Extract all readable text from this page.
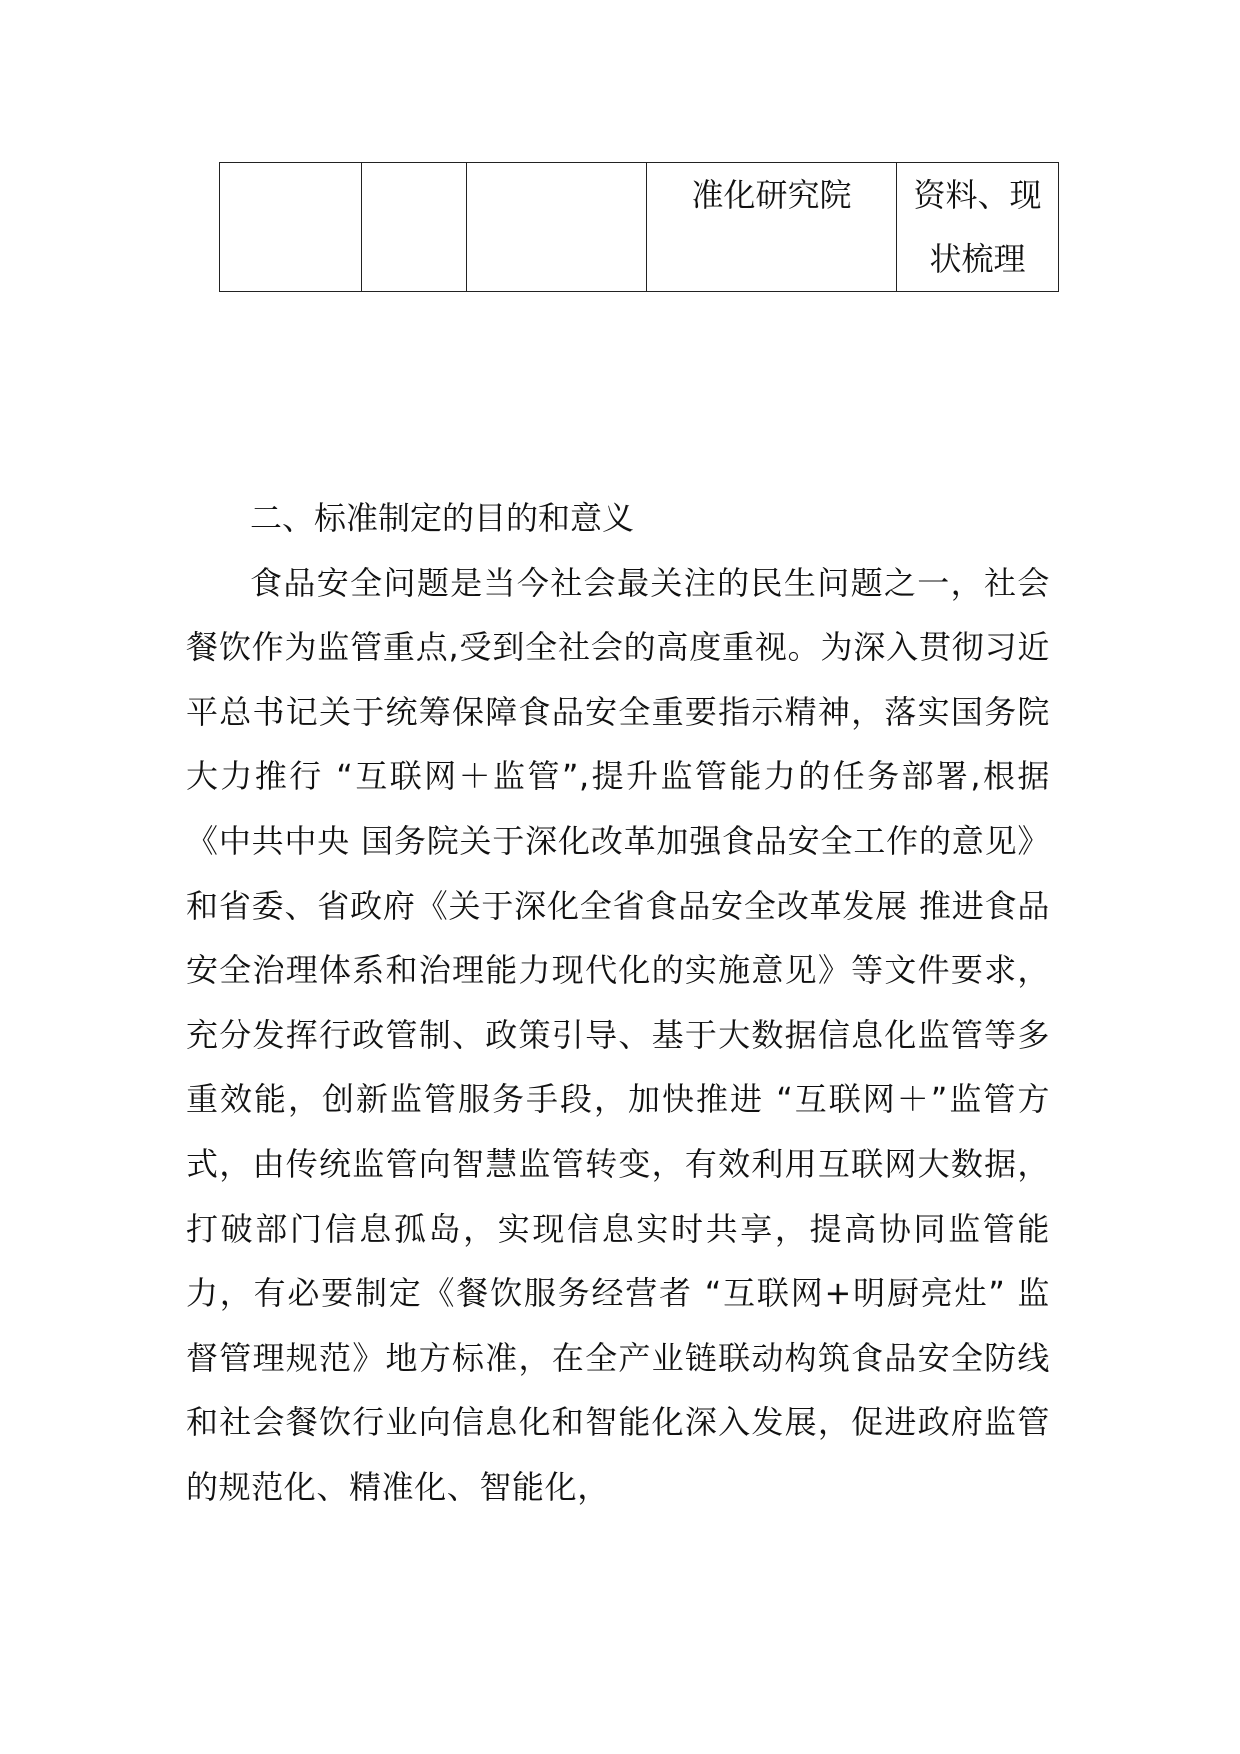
准化研究院	资料、现状梳理
二、标准制定的目的和意义

食品安全问题是当今社会最关注的民生问题之一，社会餐饮作为监管重点,受到全社会的高度重视。为深入贯彻习近平总书记关于统筹保障食品安全重要指示精神，落实国务院大力推行 “互联网＋监管”,提升监管能力的任务部署,根据《中共中央 国务院关于深化改革加强食品安全工作的意见》和省委、省政府《关于深化全省食品安全改革发展 推进食品安全治理体系和治理能力现代化的实施意见》等文件要求，充分发挥行政管制、政策引导、基于大数据信息化监管等多重效能，创新监管服务手段，加快推进 “互联网＋”监管方式，由传统监管向智慧监管转变，有效利用互联网大数据，打破部门信息孤岛，实现信息实时共享，提高协同监管能力，有必要制定《餐饮服务经营者 “互联网+明厨亮灶” 监督管理规范》地方标准，在全产业链联动构筑食品安全防线和社会餐饮行业向信息化和智能化深入发展，促进政府监管的规范化、精准化、智能化，
